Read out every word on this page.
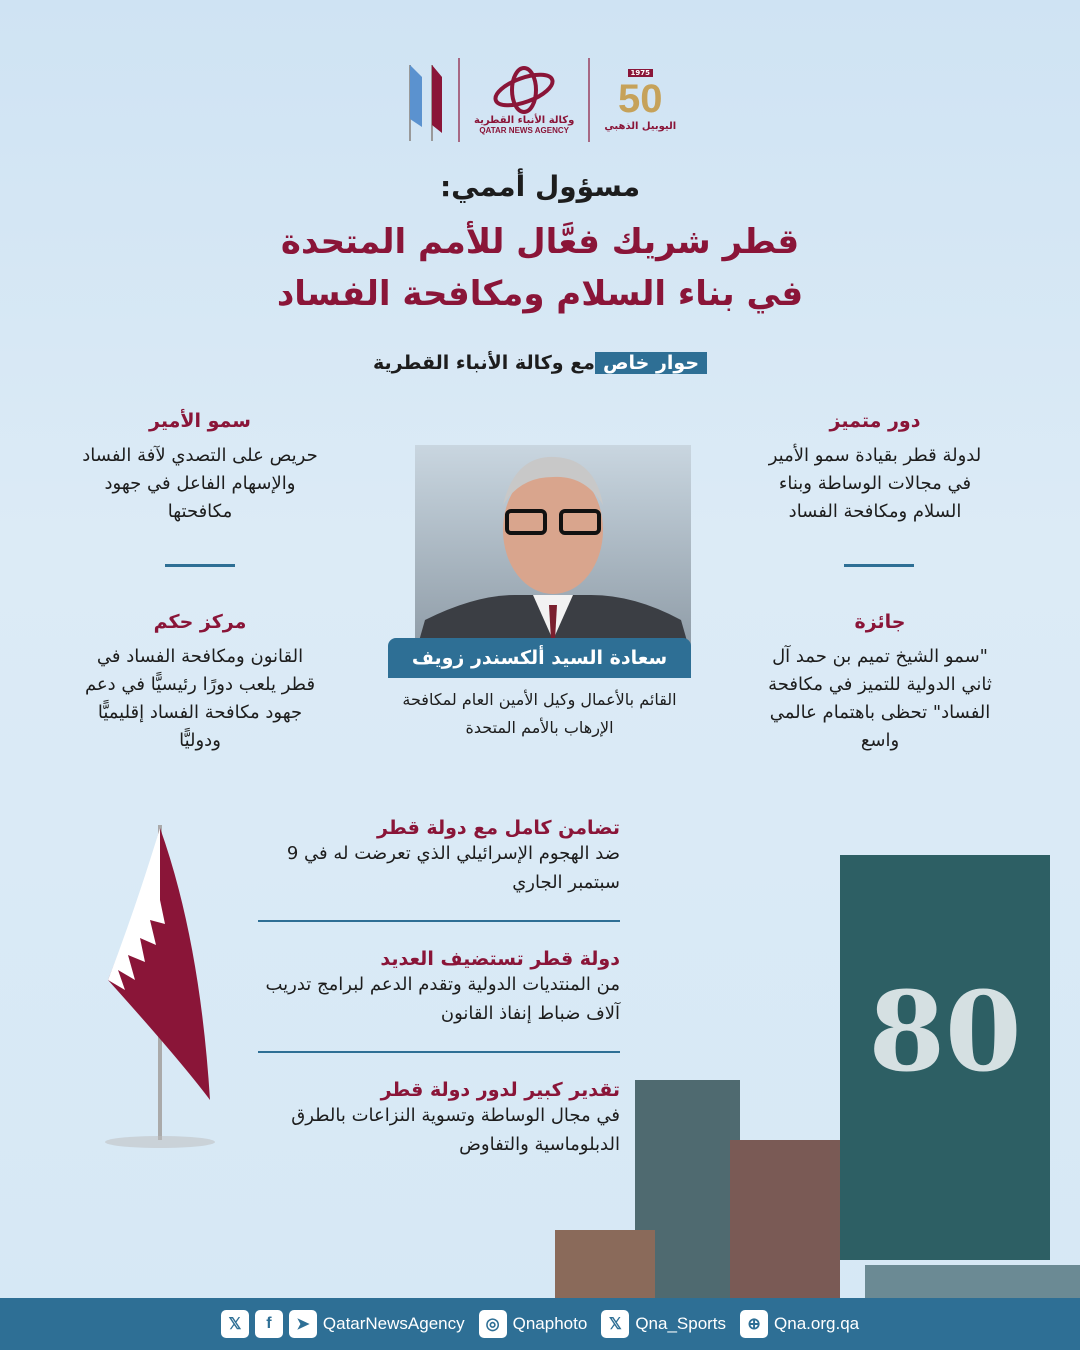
وكالة الأنباء القطرية
QATAR NEWS AGENCY
1975
50
اليوبيل الذهبي
مسؤول أممي:
قطر شريك فعَّال للأمم المتحدة
في بناء السلام ومكافحة الفساد
حوار خاص
مع وكالة الأنباء القطرية
دور متميز
لدولة قطر بقيادة سمو الأمير في مجالات الوساطة وبناء السلام ومكافحة الفساد
جائزة
"سمو الشيخ تميم بن حمد آل ثاني الدولية للتميز في مكافحة الفساد" تحظى باهتمام عالمي واسع
سمو الأمير
حريص على التصدي لآفة الفساد والإسهام الفاعل في جهود مكافحتها
مركز حكم
القانون ومكافحة الفساد في قطر يلعب دورًا رئيسيًّا في دعم جهود مكافحة الفساد إقليميًّا ودوليًّا
سعادة السيد ألكسندر زويف
القائم بالأعمال وكيل الأمين العام لمكافحة الإرهاب بالأمم المتحدة
تضامن كامل مع دولة قطر
ضد الهجوم الإسرائيلي الذي تعرضت له في 9 سبتمبر الجاري
دولة قطر تستضيف العديد
من المنتديات الدولية وتقدم الدعم لبرامج تدريب آلاف ضباط إنفاذ القانون
تقدير كبير لدور دولة قطر
في مجال الوساطة وتسوية النزاعات بالطرق الدبلوماسية والتفاوض
80
𝕏	f	➤ QatarNewsAgency	◎ Qnaphoto	𝕏 Qna_Sports	⊕ Qna.org.qa
